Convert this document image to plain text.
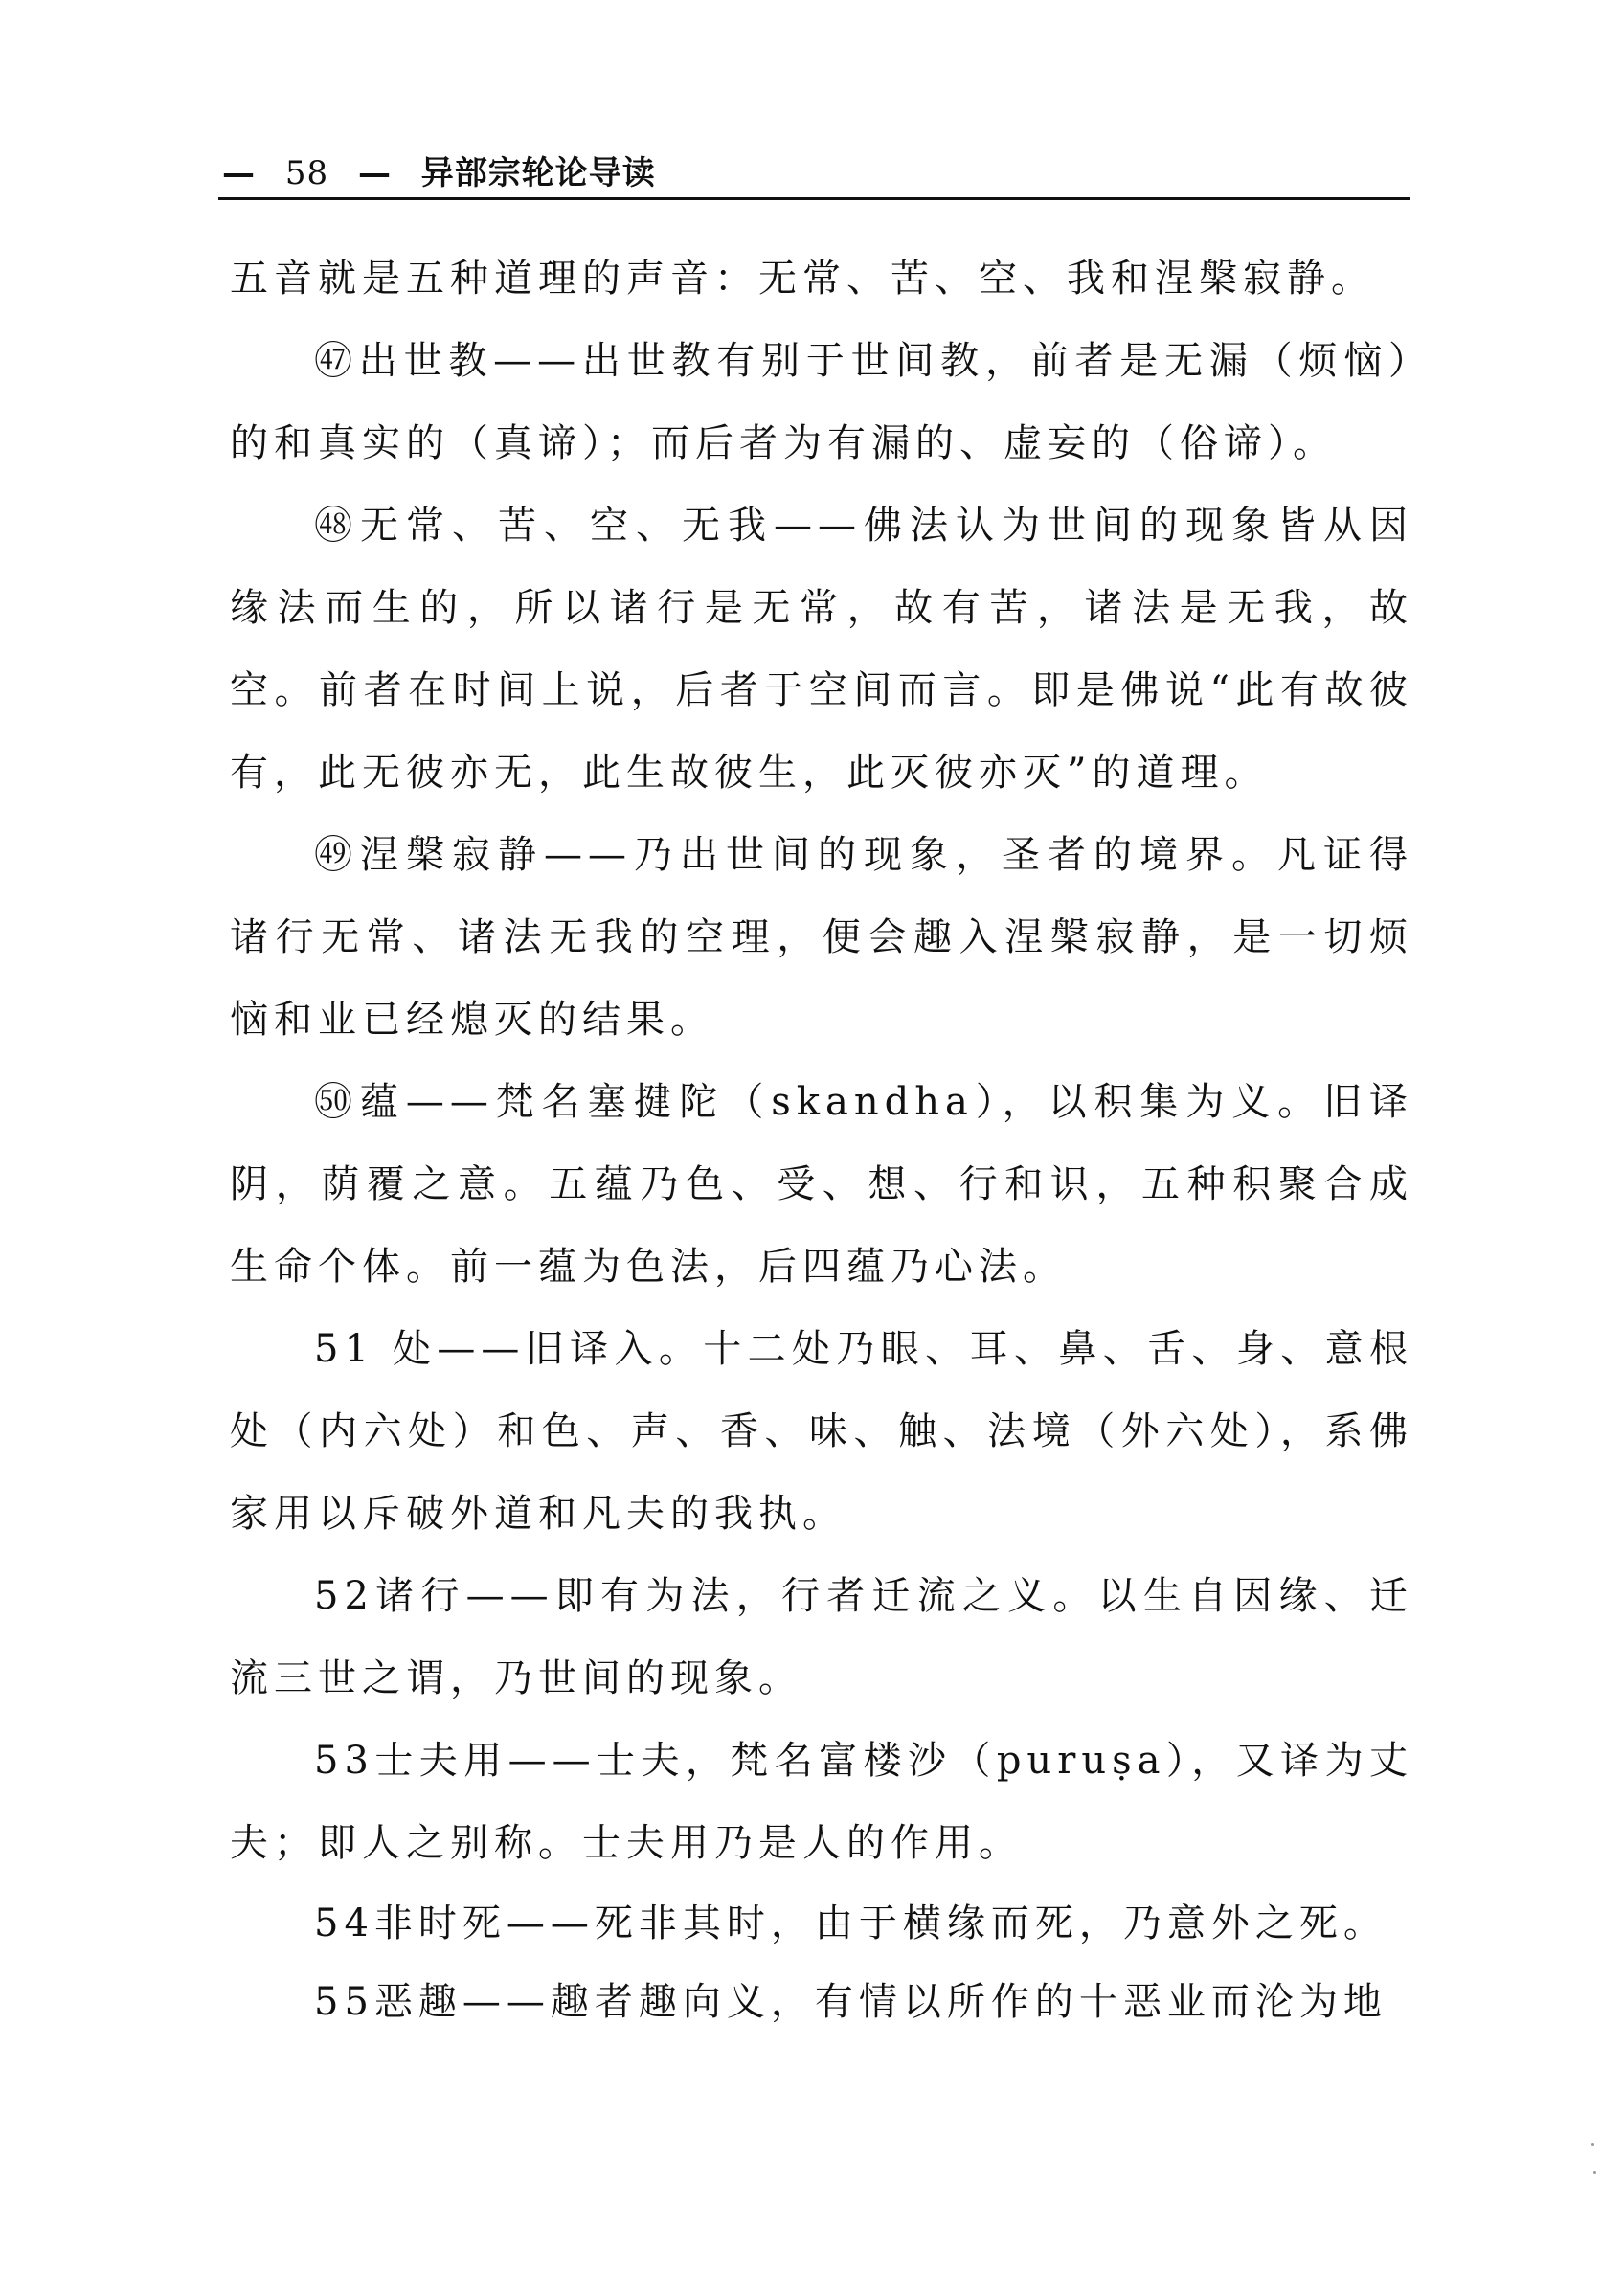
— 58 — 异部宗轮论导读

五音就是五种道理的声音：无常、苦、空、我和涅槃寂静。

㊼出世教——出世教有别于世间教，前者是无漏（烦恼）的和真实的（真谛）；而后者为有漏的、虚妄的（俗谛）。

㊽无常、苦、空、无我——佛法认为世间的现象皆从因缘法而生的，所以诸行是无常，故有苦，诸法是无我，故空。前者在时间上说，后者于空间而言。即是佛说“此有故彼有，此无彼亦无，此生故彼生，此灭彼亦灭”的道理。

㊾涅槃寂静——乃出世间的现象，圣者的境界。凡证得诸行无常、诸法无我的空理，便会趣入涅槃寂静，是一切烦恼和业已经熄灭的结果。

㊿蕴——梵名塞揵陀（skandha），以积集为义。旧译阴，荫覆之意。五蕴乃色、受、想、行和识，五种积聚合成生命个体。前一蕴为色法，后四蕴乃心法。

51 处——旧译入。十二处乃眼、耳、鼻、舌、身、意根处（内六处）和色、声、香、味、触、法境（外六处），系佛家用以斥破外道和凡夫的我执。

52诸行——即有为法，行者迁流之义。以生自因缘、迁流三世之谓，乃世间的现象。

53士夫用——士夫，梵名富楼沙（puruṣa），又译为丈夫；即人之别称。士夫用乃是人的作用。

54非时死——死非其时，由于横缘而死，乃意外之死。

55恶趣——趣者趣向义，有情以所作的十恶业而沦为地
